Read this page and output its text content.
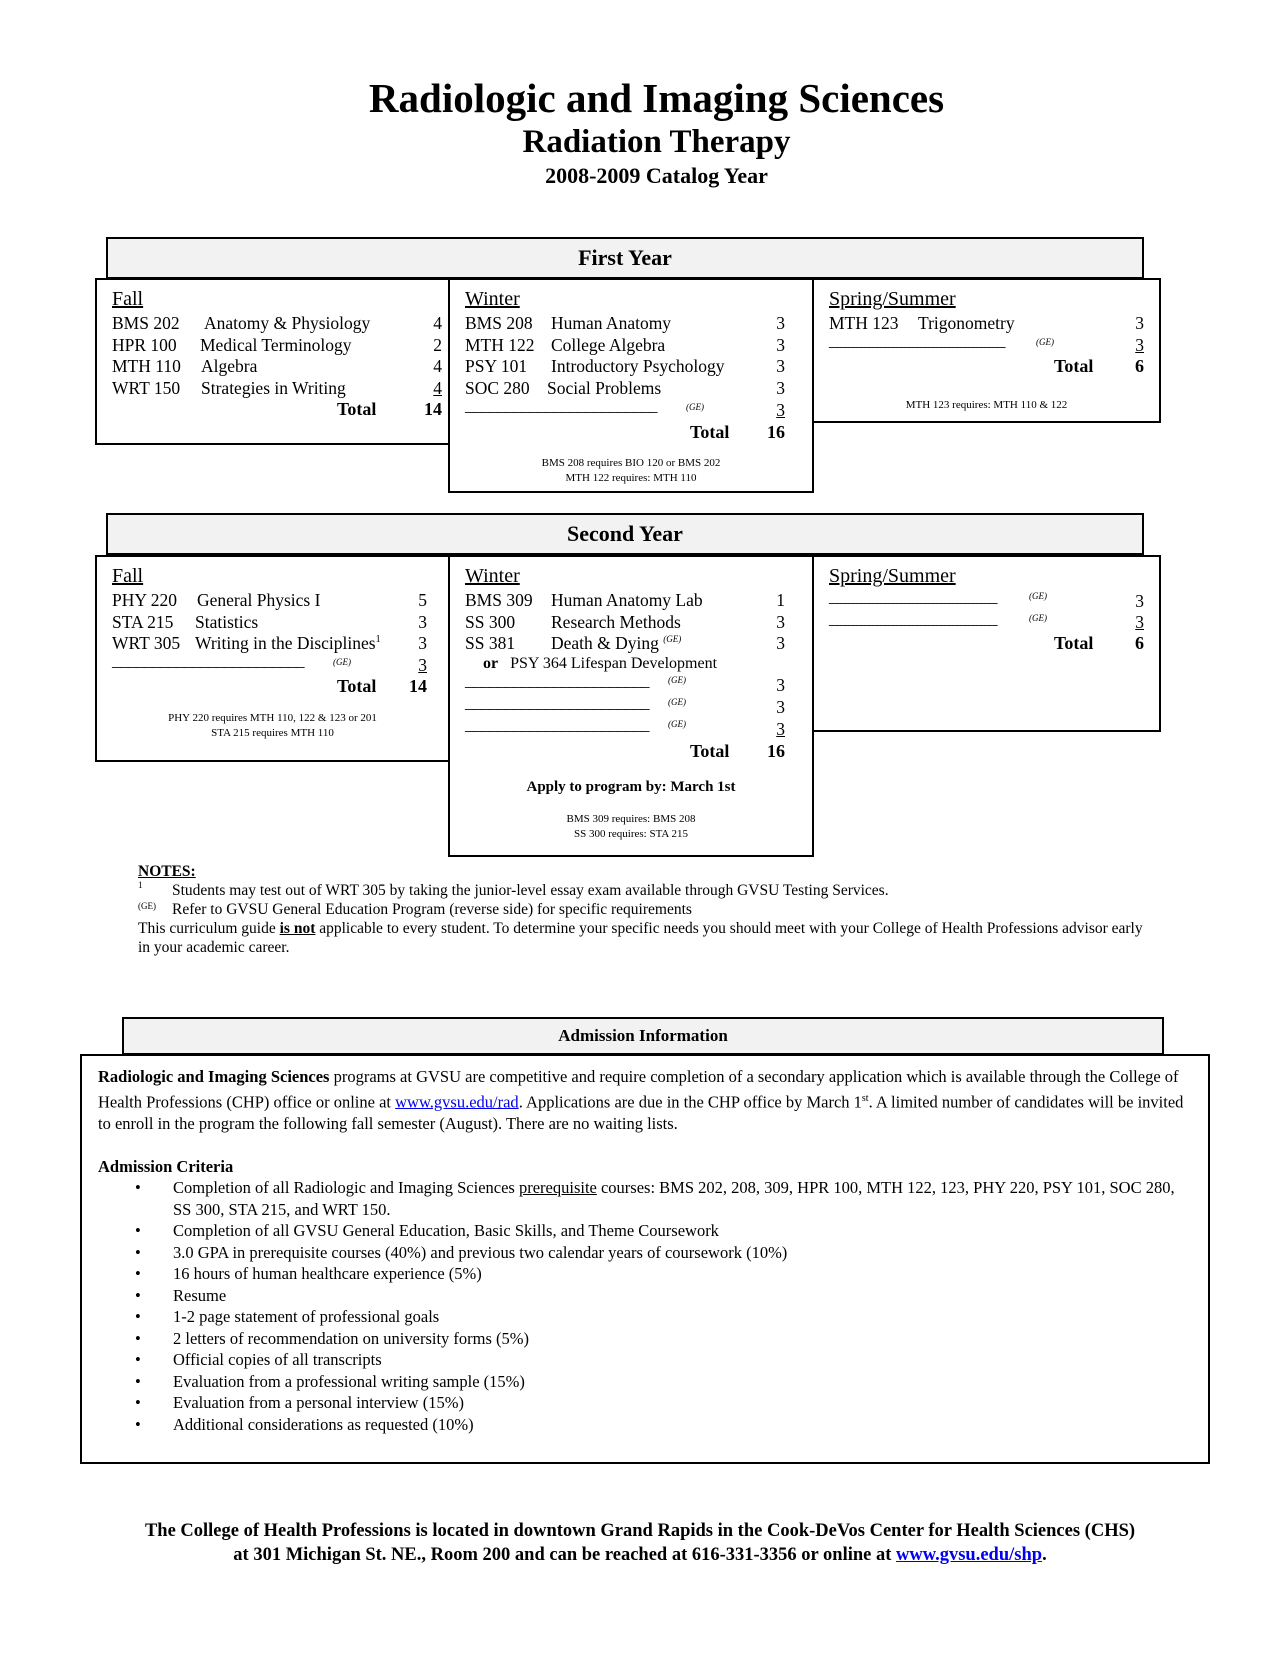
Radiologic and Imaging Sciences
Radiation Therapy
2008-2009 Catalog Year
First Year
Fall
BMS 202 Anatomy & Physiology	4
HPR 100 Medical Terminology	2
MTH 110 Algebra	4
WRT 150 Strategies in Writing	4
Total	14
Winter
BMS 208 Human Anatomy	3
MTH 122 College Algebra	3
PSY 101 Introductory Psychology	3
SOC 280 Social Problems	3
________________________	(GE)	3
Total	16
BMS 208 requires BIO 120 or BMS 202
MTH 122 requires: MTH 110
Spring/Summer
MTH 123 Trigonometry	3
______________________	(GE)	3
Total	6
MTH 123 requires: MTH 110 & 122
Second Year
Fall
PHY 220 General Physics I	5
STA 215 Statistics	3
WRT 305 Writing in the Disciplines$^1$ 3
________________________	(GE)	3
Total	14
PHY 220 requires MTH 110, 122 & 123 or 201
STA 215 requires MTH 110
Winter
BMS 309 Human Anatomy Lab	1
SS 300 Research Methods	3
SS 381 Death & Dying $^{(GE)}$	3
or PSY 364 Lifespan Development
_______________________ (GE)	3
_______________________ (GE)	3
_______________________ (GE)	3
Total	16
Apply to program by: March 1st
BMS 309 requires: BMS 208
SS 300 requires: STA 215
Spring/Summer
_____________________	(GE)	3
_____________________	(GE)	3
Total	6
NOTES:
1 Students may test out of WRT 305 by taking the junior-level essay exam available through GVSU Testing Services.
(GE) Refer to GVSU General Education Program (reverse side) for specific requirements
This curriculum guide is not applicable to every student. To determine your specific needs you should meet with your College of Health Professions advisor early in your academic career.
Admission Information
Radiologic and Imaging Sciences programs at GVSU are competitive and require completion of a secondary application which is available through the College of Health Professions (CHP) office or online at www.gvsu.edu/rad. Applications are due in the CHP office by March 1st. A limited number of candidates will be invited to enroll in the program the following fall semester (August). There are no waiting lists.
Admission Criteria
• Completion of all Radiologic and Imaging Sciences prerequisite courses: BMS 202, 208, 309, HPR 100, MTH 122, 123, PHY 220, PSY 101, SOC 280, SS 300, STA 215, and WRT 150.
• Completion of all GVSU General Education, Basic Skills, and Theme Coursework
• 3.0 GPA in prerequisite courses (40%) and previous two calendar years of coursework (10%)
• 16 hours of human healthcare experience (5%)
• Resume
• 1-2 page statement of professional goals
• 2 letters of recommendation on university forms (5%)
• Official copies of all transcripts
• Evaluation from a professional writing sample (15%)
• Evaluation from a personal interview (15%)
• Additional considerations as requested (10%)
The College of Health Professions is located in downtown Grand Rapids in the Cook-DeVos Center for Health Sciences (CHS)
at 301 Michigan St. NE., Room 200 and can be reached at 616-331-3356 or online at www.gvsu.edu/shp.
